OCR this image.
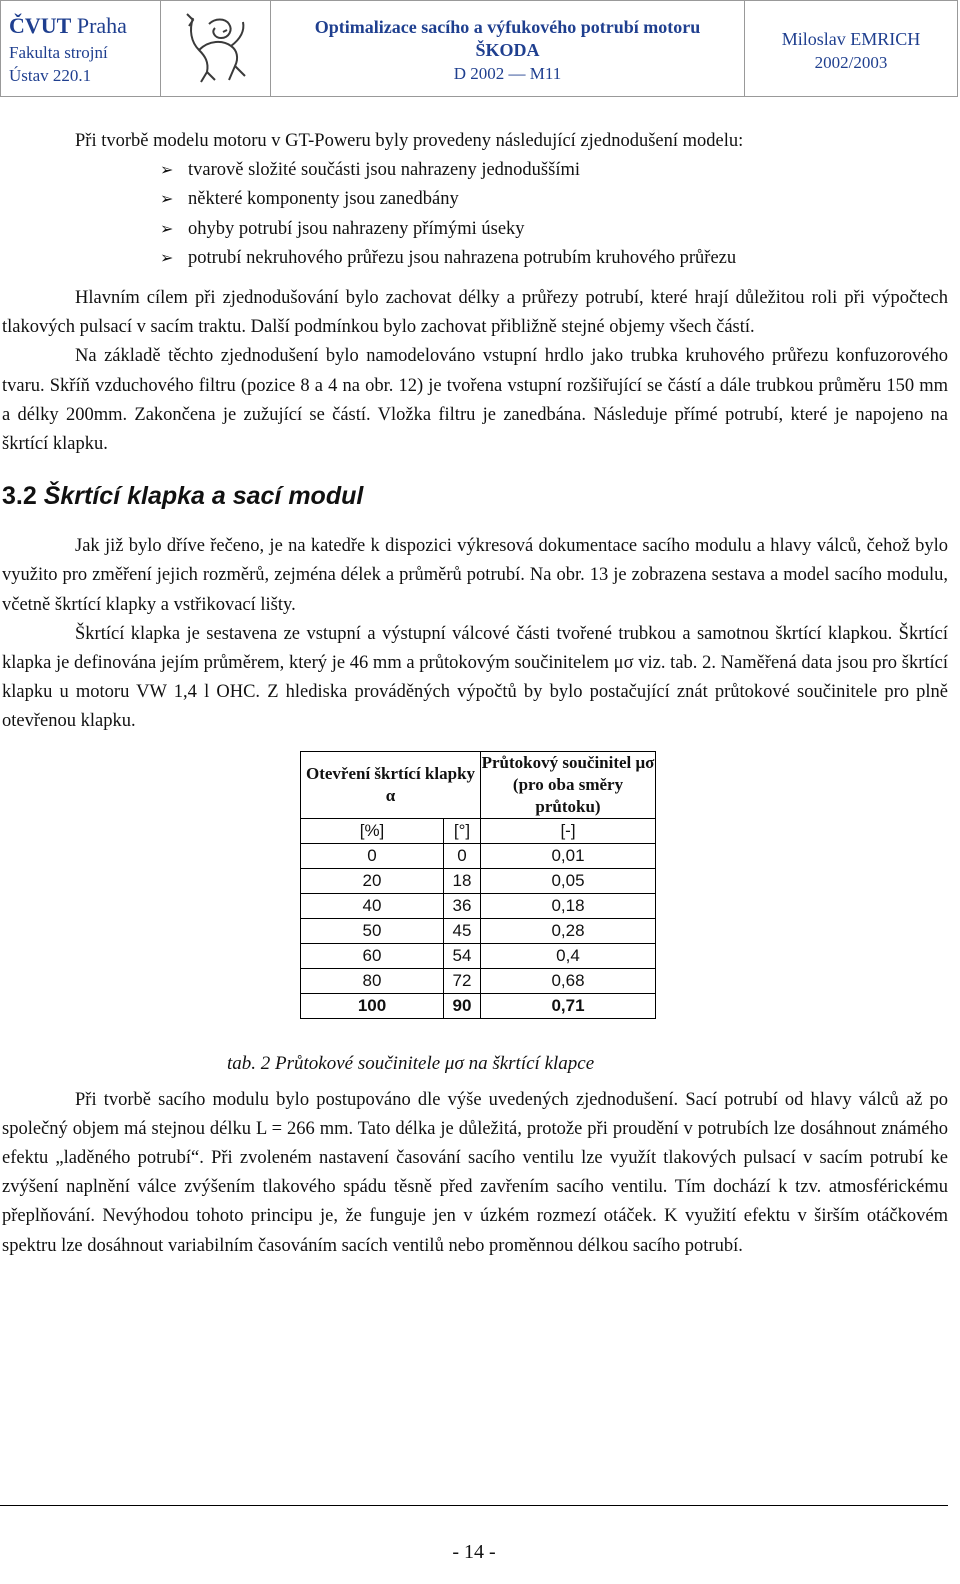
ČVUT Praha
Fakulta strojní
Ústav 220.1
Optimalizace sacího a výfukového potrubí motoru
ŠKODA
D 2002 — M11
Miloslav EMRICH
2002/2003

Při tvorbě modelu motoru v GT-Poweru byly provedeny následující zjednodušení modelu:

➢ tvarově složité součásti jsou nahrazeny jednoduššími
➢ některé komponenty jsou zanedbány
➢ ohyby potrubí jsou nahrazeny přímými úseky
➢ potrubí nekruhového průřezu jsou nahrazena potrubím kruhového průřezu

Hlavním cílem při zjednodušování bylo zachovat délky a průřezy potrubí, které hrají důležitou roli při výpočtech tlakových pulsací v sacím traktu. Další podmínkou bylo zachovat přibližně stejné objemy všech částí.

Na základě těchto zjednodušení bylo namodelováno vstupní hrdlo jako trubka kruhového průřezu konfuzorového tvaru. Skříň vzduchového filtru (pozice 8 a 4 na obr. 12) je tvořena vstupní rozšiřující se částí a dále trubkou průměru 150 mm a délky 200mm. Zakončena je zužující se částí. Vložka filtru je zanedbána. Následuje přímé potrubí, které je napojeno na škrtící klapku.

3.2 Škrtící klapka a sací modul

Jak již bylo dříve řečeno, je na katedře k dispozici výkresová dokumentace sacího modulu a hlavy válců, čehož bylo využito pro změření jejich rozměrů, zejména délek a průměrů potrubí. Na obr. 13 je zobrazena sestava a model sacího modulu, včetně škrtící klapky a vstřikovací lišty.

Škrtící klapka je sestavena ze vstupní a výstupní válcové části tvořené trubkou a samotnou škrtící klapkou. Škrtící klapka je definována jejím průměrem, který je 46 mm a průtokovým součinitelem μσ viz. tab. 2. Naměřená data jsou pro škrtící klapku u motoru VW 1,4 l OHC. Z hlediska prováděných výpočtů by bylo postačující znát průtokové součinitele pro plně otevřenou klapku.

Otevření škrtící klapky α		Průtokový součinitel μσ (pro oba směry průtoku)
[%]	[°]	[-]
0	0	0,01
20	18	0,05
40	36	0,18
50	45	0,28
60	54	0,4
80	72	0,68
100	90	0,71

tab. 2 Průtokové součinitele μσ na škrtící klapce

Při tvorbě sacího modulu bylo postupováno dle výše uvedených zjednodušení. Sací potrubí od hlavy válců až po společný objem má stejnou délku L = 266 mm. Tato délka je důležitá, protože při proudění v potrubích lze dosáhnout známého efektu „laděného potrubí“. Při zvoleném nastavení časování sacího ventilu lze využít tlakových pulsací v sacím potrubí ke zvýšení naplnění válce zvýšením tlakového spádu těsně před zavřením sacího ventilu. Tím dochází k tzv. atmosférickému přeplňování. Nevýhodou tohoto principu je, že funguje jen v úzkém rozmezí otáček. K využití efektu v širším otáčkovém spektru lze dosáhnout variabilním časováním sacích ventilů nebo proměnnou délkou sacího potrubí.

- 14 -
